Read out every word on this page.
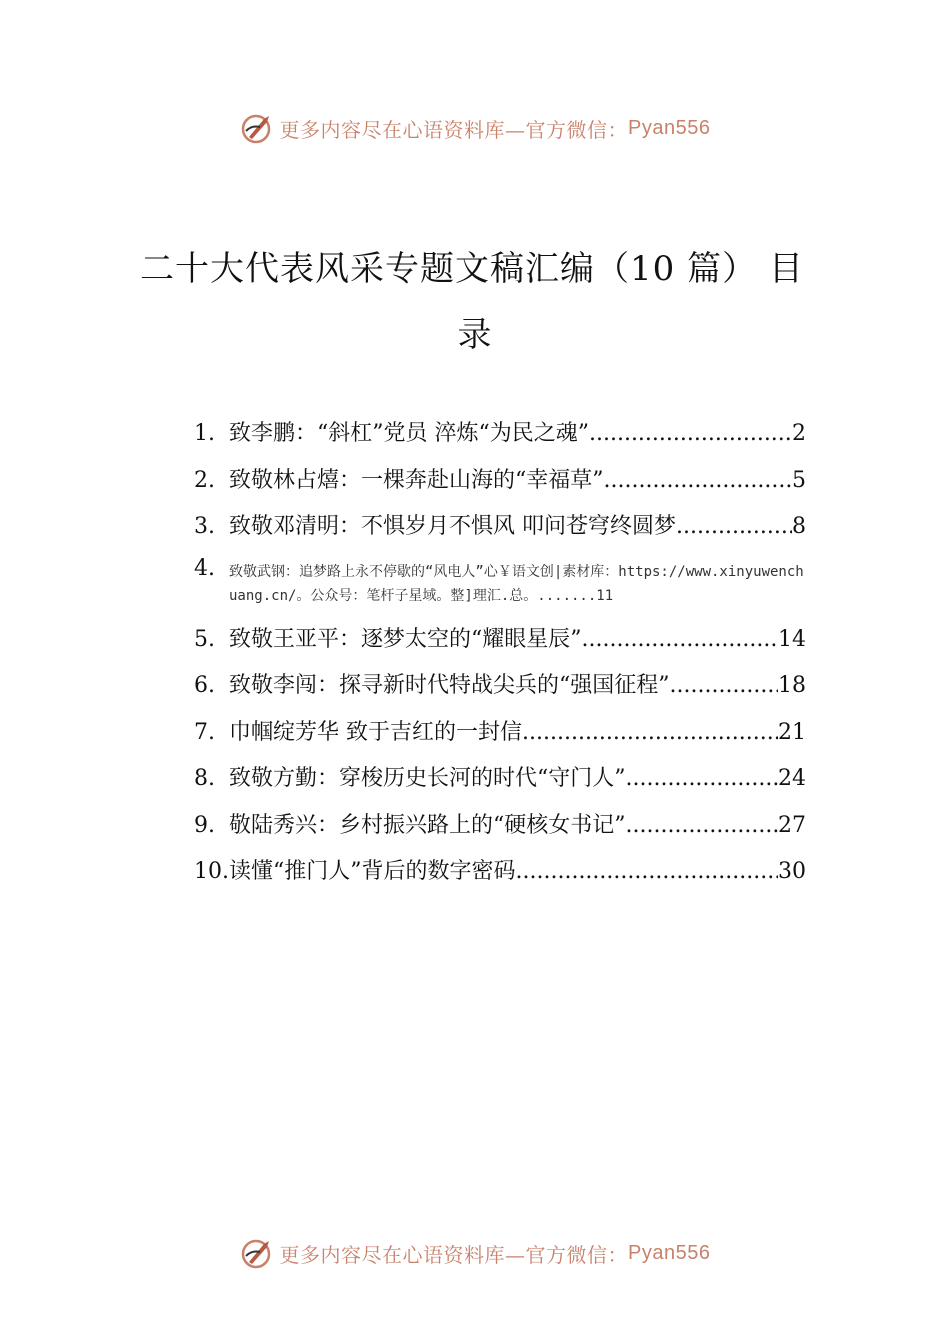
更多内容尽在心语资料库—官方微信： Pyan556
二十大代表风采专题文稿汇编（10 篇） 目
录
1. 致李鹏：“斜杠”党员 淬炼“为民之魂” .....	2
2. 致敬林占熺：一棵奔赴山海的“幸福草” .....	5
3. 致敬邓清明：不惧岁月不惧风 叩问苍穹终圆梦 .....	8
4.	致敬武钢：追梦路上永不停歇的“风电人”心￥语文创|素材库：https://www.xinyuwenchuang.cn/。公众号：笔杆子星域。整]理汇.总。.......11
5. 致敬王亚平：逐梦太空的“耀眼星辰” .....	14
6. 致敬李闯：探寻新时代特战尖兵的“强国征程” .....	18
7. 巾帼绽芳华 致于吉红的一封信 .....	21
8. 致敬方勤：穿梭历史长河的时代“守门人” .....	24
9. 敬陆秀兴：乡村振兴路上的“硬核女书记” .....	27
10. 读懂“推门人”背后的数字密码 .....	30
更多内容尽在心语资料库—官方微信： Pyan556
